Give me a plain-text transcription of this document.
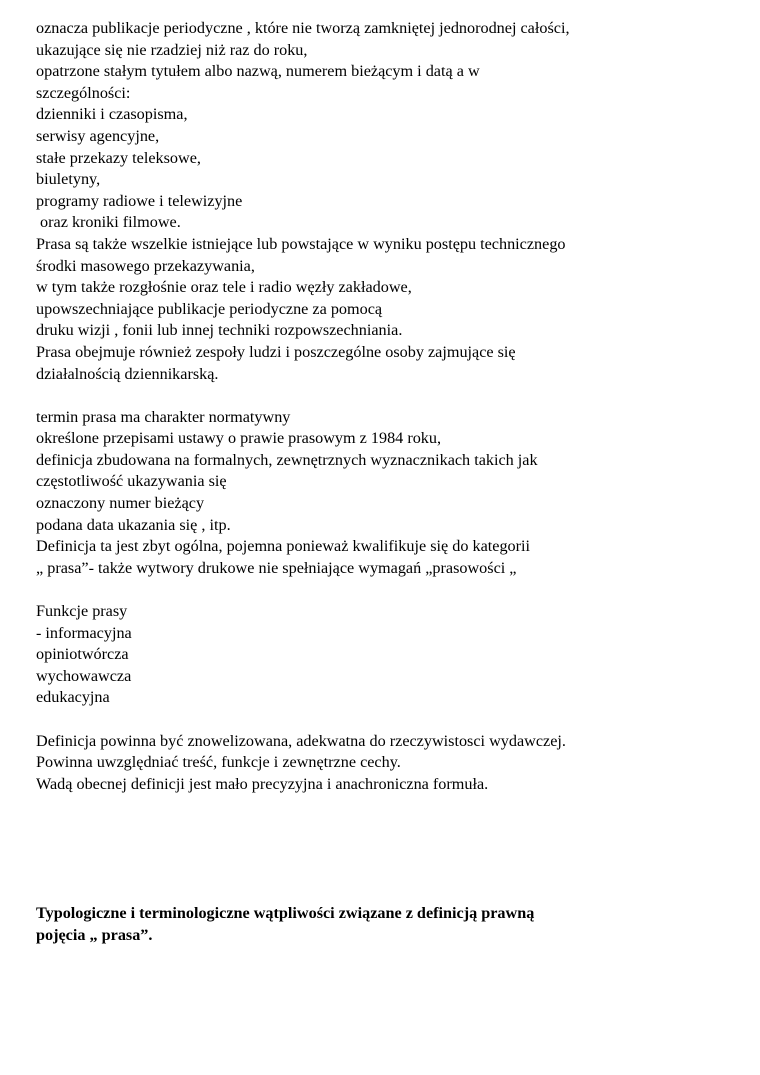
oznacza publikacje periodyczne , które nie tworzą zamkniętej jednorodnej całości,
ukazujące się nie rzadziej niż raz do roku,
opatrzone stałym tytułem albo nazwą, numerem bieżącym i datą a w
szczególności:
dzienniki i czasopisma,
serwisy agencyjne,
stałe przekazy teleksowe,
biuletyny,
programy radiowe i telewizyjne
oraz kroniki filmowe.
Prasa są także wszelkie istniejące lub powstające w wyniku postępu technicznego
środki masowego przekazywania,
w tym także rozgłośnie oraz tele i radio węzły zakładowe,
upowszechniające publikacje periodyczne za pomocą
druku wizji , fonii lub innej techniki rozpowszechniania.
Prasa obejmuje również zespoły ludzi i poszczególne osoby zajmujące się
działalnością dziennikarską.
termin prasa ma charakter normatywny
określone przepisami ustawy o prawie prasowym z 1984 roku,
definicja zbudowana na formalnych, zewnętrznych wyznacznikach takich jak
częstotliwość ukazywania się
oznaczony numer bieżący
podana data ukazania się , itp.
Definicja ta jest zbyt ogólna, pojemna ponieważ kwalifikuje się do kategorii
„ prasa”- także wytwory drukowe nie spełniające wymagań „prasowości „
Funkcje prasy
- informacyjna
opiniotwórcza
wychowawcza
edukacyjna
Definicja powinna być znowelizowana, adekwatna do rzeczywistosci wydawczej.
Powinna uwzględniać treść, funkcje i zewnętrzne cechy.
Wadą obecnej definicji jest mało precyzyjna i anachroniczna formuła.
Typologiczne i terminologiczne wątpliwości związane z definicją prawną
pojęcia „ prasa”.
